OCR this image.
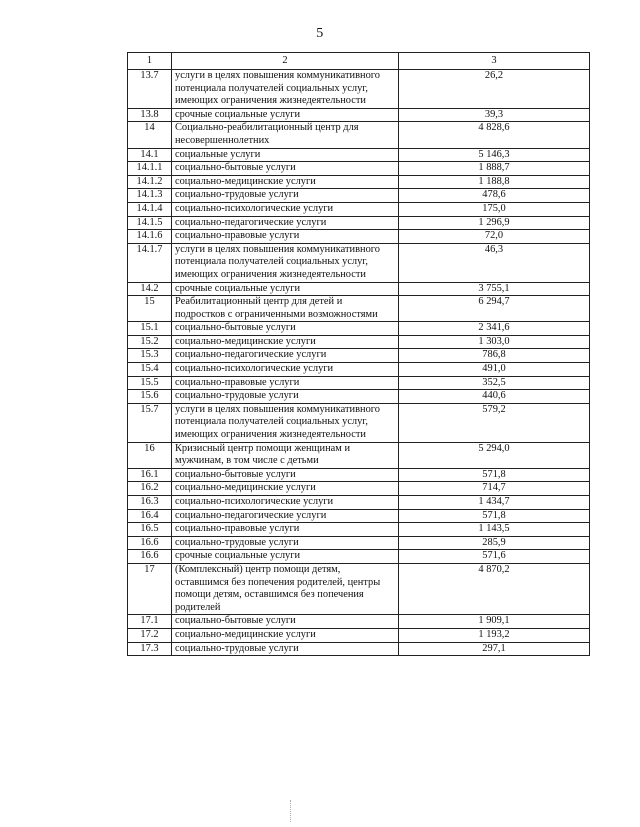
5
1	2	3
13.7	услуги в целях повышения коммуникативного потенциала получателей социальных услуг, имеющих ограничения жизнедеятельности	26,2
13.8	срочные социальные услуги	39,3
14	Социально-реабилитационный центр для несовершеннолетних	4 828,6
14.1	социальные услуги	5 146,3
14.1.1	социально-бытовые услуги	1 888,7
14.1.2	социально-медицинские услуги	1 188,8
14.1.3	социально-трудовые услуги	478,6
14.1.4	социально-психологические услуги	175,0
14.1.5	социально-педагогические услуги	1 296,9
14.1.6	социально-правовые услуги	72,0
14.1.7	услуги в целях повышения коммуникативного потенциала получателей социальных услуг, имеющих ограничения жизнедеятельности	46,3
14.2	срочные социальные услуги	3 755,1
15	Реабилитационный центр для детей и подростков с ограниченными возможностями	6 294,7
15.1	социально-бытовые услуги	2 341,6
15.2	социально-медицинские услуги	1 303,0
15.3	социально-педагогические услуги	786,8
15.4	социально-психологические услуги	491,0
15.5	социально-правовые услуги	352,5
15.6	социально-трудовые услуги	440,6
15.7	услуги в целях повышения коммуникативного потенциала получателей социальных услуг, имеющих ограничения жизнедеятельности	579,2
16	Кризисный центр помощи женщинам и мужчинам, в том числе с детьми	5 294,0
16.1	социально-бытовые услуги	571,8
16.2	социально-медицинские услуги	714,7
16.3	социально-психологические услуги	1 434,7
16.4	социально-педагогические услуги	571,8
16.5	социально-правовые услуги	1 143,5
16.6	социально-трудовые услуги	285,9
16.6	срочные социальные услуги	571,6
17	(Комплексный) центр помощи детям, оставшимся без попечения родителей, центры помощи детям, оставшимся без попечения родителей	4 870,2
17.1	социально-бытовые услуги	1 909,1
17.2	социально-медицинские услуги	1 193,2
17.3	социально-трудовые услуги	297,1
